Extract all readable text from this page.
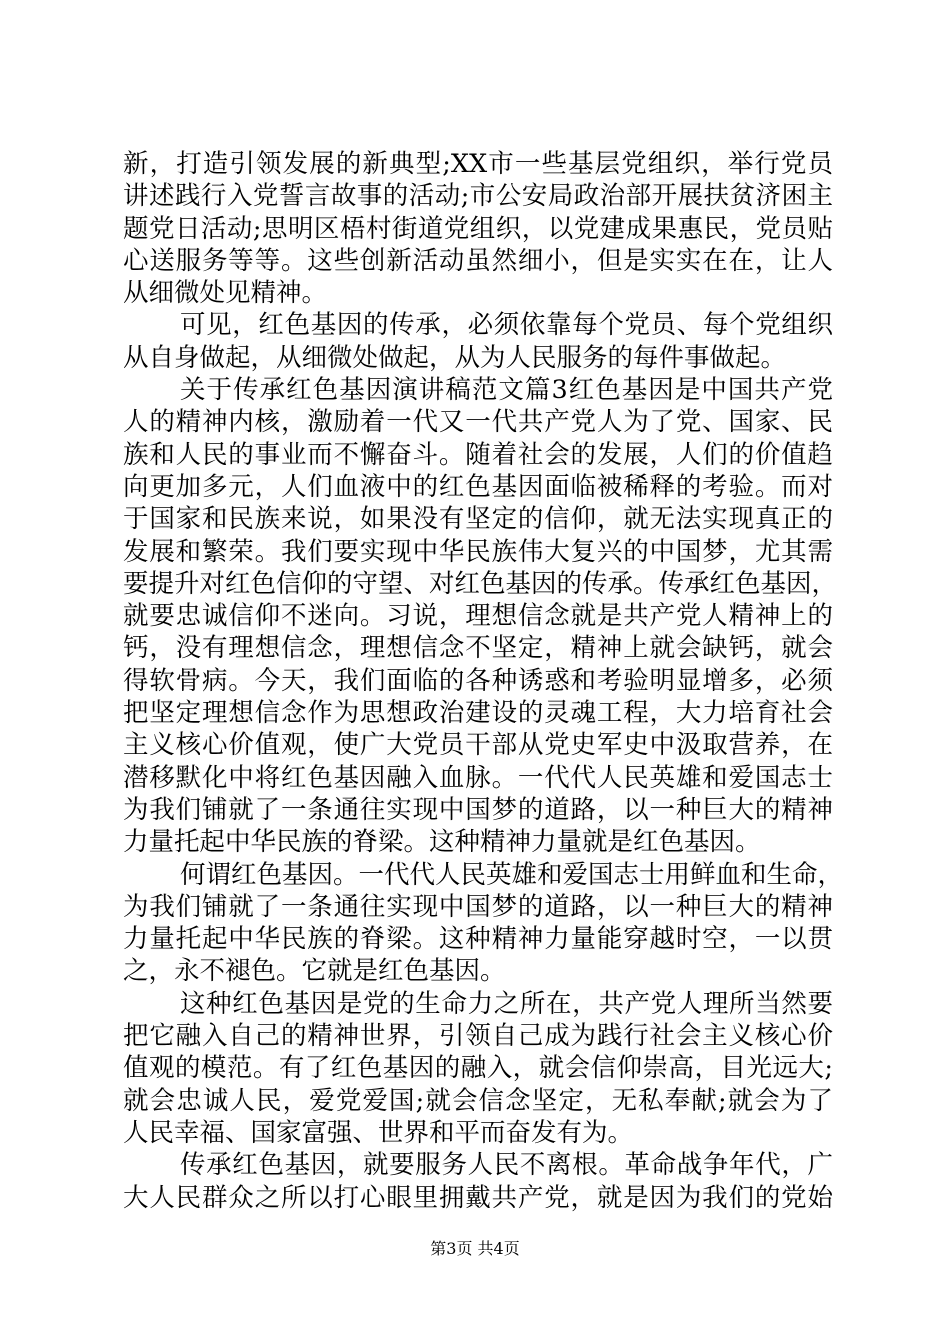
新，打造引领发展的新典型;XX市一些基层党组织，举行党员
讲述践行入党誓言故事的活动;市公安局政治部开展扶贫济困主
题党日活动;思明区梧村街道党组织，以党建成果惠民，党员贴
心送服务等等。这些创新活动虽然细小，但是实实在在，让人
从细微处见精神。
可见，红色基因的传承，必须依靠每个党员、每个党组织
从自身做起，从细微处做起，从为人民服务的每件事做起。
关于传承红色基因演讲稿范文篇3红色基因是中国共产党
人的精神内核，激励着一代又一代共产党人为了党、国家、民
族和人民的事业而不懈奋斗。随着社会的发展，人们的价值趋
向更加多元，人们血液中的红色基因面临被稀释的考验。而对
于国家和民族来说，如果没有坚定的信仰，就无法实现真正的
发展和繁荣。我们要实现中华民族伟大复兴的中国梦，尤其需
要提升对红色信仰的守望、对红色基因的传承。传承红色基因，
就要忠诚信仰不迷向。习说，理想信念就是共产党人精神上的
钙，没有理想信念，理想信念不坚定，精神上就会缺钙，就会
得软骨病。今天，我们面临的各种诱惑和考验明显增多，必须
把坚定理想信念作为思想政治建设的灵魂工程，大力培育社会
主义核心价值观，使广大党员干部从党史军史中汲取营养，在
潜移默化中将红色基因融入血脉。一代代人民英雄和爱国志士
为我们铺就了一条通往实现中国梦的道路，以一种巨大的精神
力量托起中华民族的脊梁。这种精神力量就是红色基因。
何谓红色基因。一代代人民英雄和爱国志士用鲜血和生命，
为我们铺就了一条通往实现中国梦的道路，以一种巨大的精神
力量托起中华民族的脊梁。这种精神力量能穿越时空，一以贯
之，永不褪色。它就是红色基因。
这种红色基因是党的生命力之所在，共产党人理所当然要
把它融入自己的精神世界，引领自己成为践行社会主义核心价
值观的模范。有了红色基因的融入，就会信仰崇高，目光远大;
就会忠诚人民，爱党爱国;就会信念坚定，无私奉献;就会为了
人民幸福、国家富强、世界和平而奋发有为。
传承红色基因，就要服务人民不离根。革命战争年代，广
大人民群众之所以打心眼里拥戴共产党，就是因为我们的党始
第3页 共4页
